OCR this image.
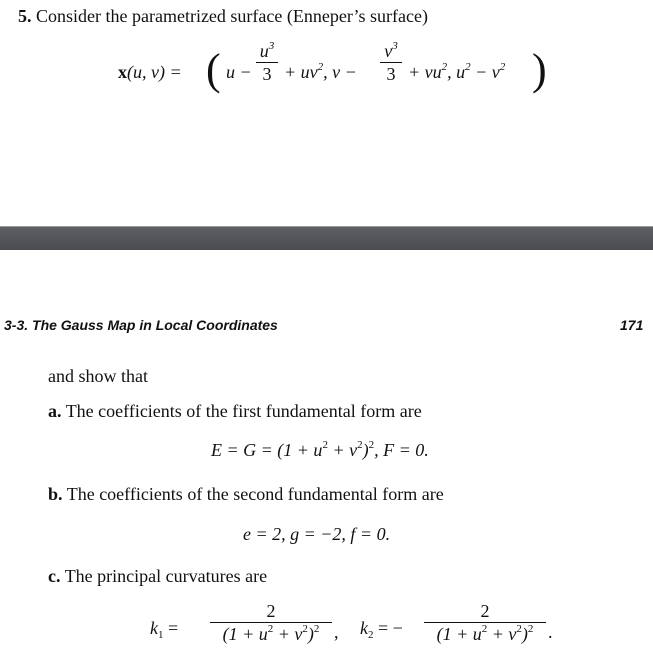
5. Consider the parametrized surface (Enneper’s surface)
x(u, v) = ( u −
$u^3$
$3 + uv^2$, v −
$v^3$
$3 + vu^2$, $u^2 - v^2$ )
3-3. The Gauss Map in Local Coordinates	171
and show that
a. The coefficients of the first fundamental form are
$E = G = (1 + u^2 + v^2)^2$, F = 0.
b. The coefficients of the second fundamental form are
e = 2, g = −2, f = 0.
c. The principal curvatures are
$k_1$ =
2
$(1 + u^2 + v^2)^2$ , $k_2$ = −
2
$(1 + u^2 + v^2)^2$ .
